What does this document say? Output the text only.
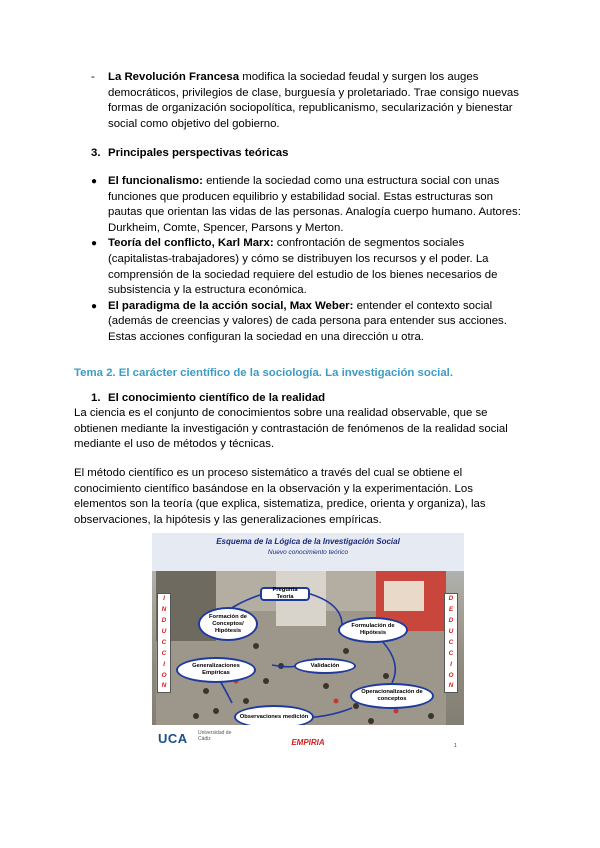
- La Revolución Francesa modifica la sociedad feudal y surgen los auges democráticos, privilegios de clase, burguesía y proletariado. Trae consigo nuevas formas de organización sociopolítica, republicanismo, secularización y bienestar social como objetivo del gobierno.
3. Principales perspectivas teóricas
● El funcionalismo: entiende la sociedad como una estructura social con unas funciones que producen equilibrio y estabilidad social. Estas estructuras son pautas que orientan las vidas de las personas. Analogía cuerpo humano. Autores: Durkheim, Comte, Spencer, Parsons y Merton.
● Teoría del conflicto, Karl Marx: confrontación de segmentos sociales (capitalistas-trabajadores) y cómo se distribuyen los recursos y el poder. La comprensión de la sociedad requiere del estudio de los bienes necesarios de subsistencia y la estructura económica.
● El paradigma de la acción social, Max Weber: entender el contexto social (además de creencias y valores) de cada persona para entender sus acciones. Estas acciones configuran la sociedad en una dirección u otra.
Tema 2. El carácter científico de la sociología. La investigación social.
1. El conocimiento científico de la realidad
La ciencia es el conjunto de conocimientos sobre una realidad observable, que se obtienen mediante la investigación y contrastación de fenómenos de la realidad social mediante el uso de métodos y técnicas.
El método científico es un proceso sistemático a través del cual se obtiene el conocimiento científico basándose en la observación y la experimentación. Los elementos son la teoría (que explica, sistematiza, predice, orienta y organiza), las observaciones, la hipótesis y las generalizaciones empíricas.
Esquema de la Lógica de la Investigación Social
Nuevo conocimiento teórico
I
N
D
U
C
C
I
O
N
D
E
D
U
C
C
I
O
N
Pregunta Teoría
Formación de Conceptos/ Hipótesis
Formulación de Hipótesis
Generalizaciones Empíricas
Validación
Operacionalización de conceptos
Observaciones medición
UCA Universidad de Cádiz	EMPIRIA	1
